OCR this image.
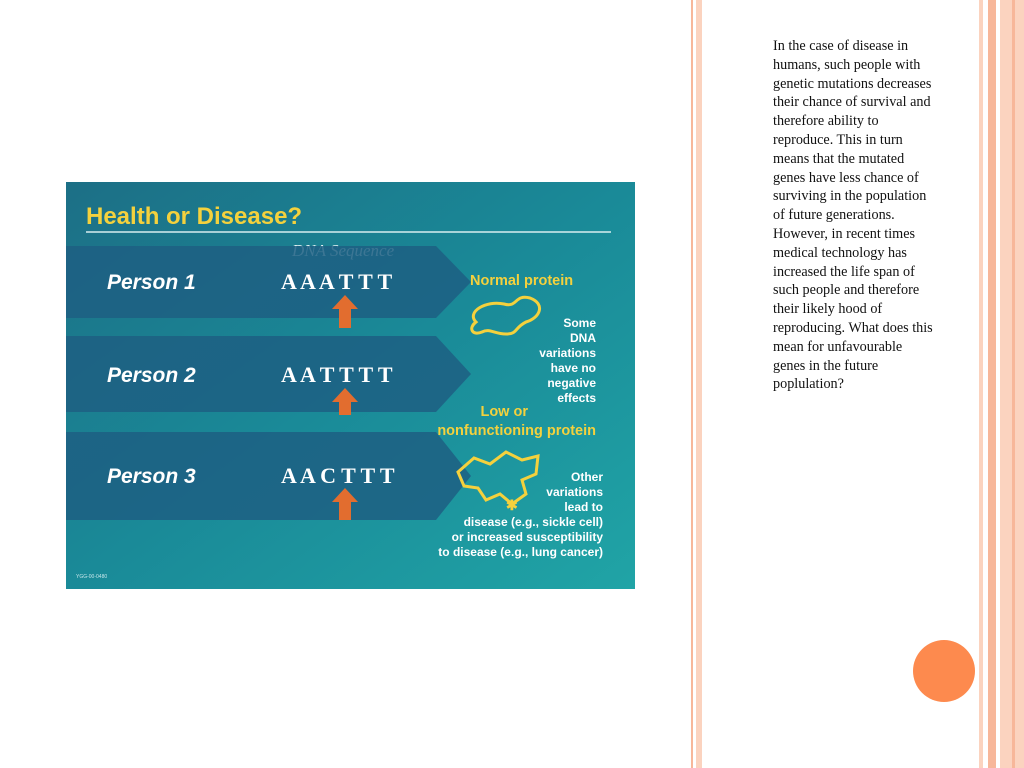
Health or Disease?
Person 1	A A A T T T
Person 2	A A T T T T
Person 3	A A C T T T
Normal protein
Some
DNA
variations
have no
negative
effects
Low or
nonfunctioning protein
✱
Other
variations
lead to
disease (e.g., sickle cell)
or increased susceptibility
to disease (e.g., lung cancer)
YGG-00-0480
In the case of disease in humans, such people with genetic mutations decreases their chance of survival and therefore ability to reproduce. This in turn means that the mutated genes have less chance of surviving in the population of future generations. However, in recent times medical technology has increased the life span of such people and therefore their likely hood of reproducing. What does this mean for unfavourable genes in the future poplulation?
